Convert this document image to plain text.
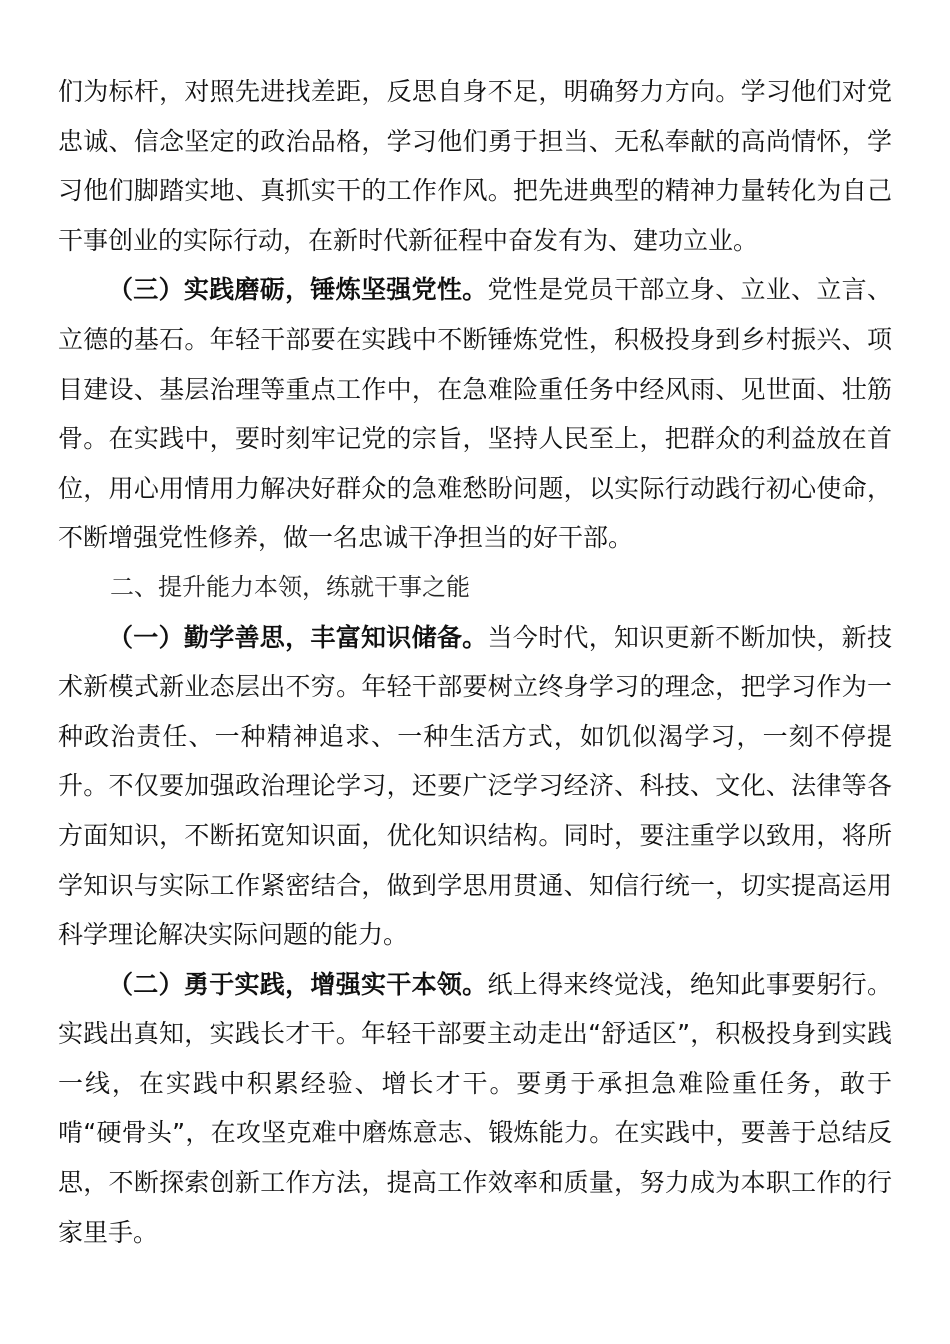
们为标杆，对照先进找差距，反思自身不足，明确努力方向。学习他们对党忠诚、信念坚定的政治品格，学习他们勇于担当、无私奉献的高尚情怀，学习他们脚踏实地、真抓实干的工作作风。把先进典型的精神力量转化为自己干事创业的实际行动，在新时代新征程中奋发有为、建功立业。

（三）实践磨砺，锤炼坚强党性。党性是党员干部立身、立业、立言、立德的基石。年轻干部要在实践中不断锤炼党性，积极投身到乡村振兴、项目建设、基层治理等重点工作中，在急难险重任务中经风雨、见世面、壮筋骨。在实践中，要时刻牢记党的宗旨，坚持人民至上，把群众的利益放在首位，用心用情用力解决好群众的急难愁盼问题，以实际行动践行初心使命，不断增强党性修养，做一名忠诚干净担当的好干部。

二、提升能力本领，练就干事之能

（一）勤学善思，丰富知识储备。当今时代，知识更新不断加快，新技术新模式新业态层出不穷。年轻干部要树立终身学习的理念，把学习作为一种政治责任、一种精神追求、一种生活方式，如饥似渴学习，一刻不停提升。不仅要加强政治理论学习，还要广泛学习经济、科技、文化、法律等各方面知识，不断拓宽知识面，优化知识结构。同时，要注重学以致用，将所学知识与实际工作紧密结合，做到学思用贯通、知信行统一，切实提高运用科学理论解决实际问题的能力。

（二）勇于实践，增强实干本领。纸上得来终觉浅，绝知此事要躬行。实践出真知，实践长才干。年轻干部要主动走出“舒适区”，积极投身到实践一线，在实践中积累经验、增长才干。要勇于承担急难险重任务，敢于啃“硬骨头”，在攻坚克难中磨炼意志、锻炼能力。在实践中，要善于总结反思，不断探索创新工作方法，提高工作效率和质量，努力成为本职工作的行家里手。
